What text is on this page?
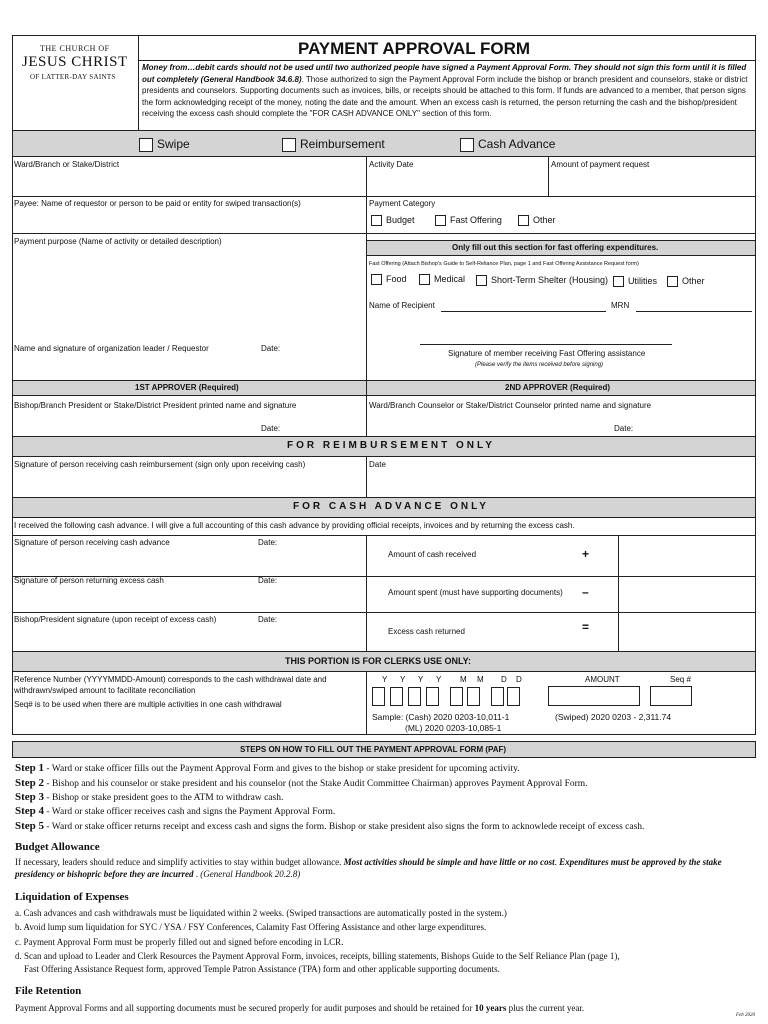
THE CHURCH OF
JESUS CHRIST
OF LATTER-DAY SAINTS
PAYMENT APPROVAL FORM
Money from…debit cards should not be used until two authorized people have signed a Payment Approval Form. They should not sign this form until it is filled out completely (General Handbook 34.6.8). Those authorized to sign the Payment Approval Form include the bishop or branch president and counselors, stake or district presidents and counselors. Supporting documents such as invoices, bills, or receipts should be attached to this form. If funds are advanced to a member, that person signs the form acknowledging receipt of the money, noting the date and the amount. When an excess cash is returned, the person returning the cash and the bishop/president receiving the excess cash should complete the "FOR CASH ADVANCE ONLY" section of this form.
Swipe	Reimbursement	Cash Advance
Ward/Branch or Stake/District	Activity Date	Amount of payment request
Payee: Name of requestor or person to be paid or entity for swiped transaction(s)	Payment Category
Budget	Fast Offering	Other
Payment purpose (Name of activity or detailed description)
Only fill out this section for fast offering expenditures.
Fast Offering (Attach Bishop's Guide to Self-Reliance Plan, page 1 and Fast Offering Assistance Request form)
Food	Medical	Short-Term Shelter (Housing)	Utilities	Other
Name of Recipient	MRN
Name and signature of organization leader / Requestor	Date:
Signature of member receiving Fast Offering assistance
(Please verify the items received before signing)
1ST APPROVER (Required)	2ND APPROVER (Required)
Bishop/Branch President or Stake/District President printed name and signature	Ward/Branch Counselor or Stake/District Counselor printed name and signature
Date:	Date:
FOR REIMBURSEMENT ONLY
Signature of person receiving cash reimbursement (sign only upon receiving cash)	Date
FOR CASH ADVANCE ONLY
I received the following cash advance. I will give a full accounting of this cash advance by providing official receipts, invoices and by returning the excess cash.
Signature of person receiving cash advance	Date:
Amount of cash received	+
Signature of person returning excess cash	Date:
Amount spent (must have supporting documents) –
Bishop/President signature (upon receipt of excess cash)	Date:
Excess cash returned	=
THIS PORTION IS FOR CLERKS USE ONLY:
Reference Number (YYYYMMDD-Amount) corresponds to the cash withdrawal date and
withdrawn/swiped amount to facilitate reconciliation
Seq# is to be used when there are multiple activities in one cash withdrawal
Y Y Y Y M M D D	AMOUNT	Seq #
Sample: (Cash) 2020 0203-10,011-1
(ML) 2020 0203-10,085-1
(Swiped) 2020 0203 - 2,311.74
STEPS ON HOW TO FILL OUT THE PAYMENT APPROVAL FORM (PAF)
Step 1 - Ward or stake officer fills out the Payment Approval Form and gives to the bishop or stake president for upcoming activity.
Step 2 - Bishop and his counselor or stake president and his counselor (not the Stake Audit Committee Chairman) approves Payment Approval Form.
Step 3 - Bishop or stake president goes to the ATM to withdraw cash.
Step 4 - Ward or stake officer receives cash and signs the Payment Approval Form.
Step 5 - Ward or stake officer returns receipt and excess cash and signs the form. Bishop or stake president also signs the form to acknowlede receipt of excess cash.
Budget Allowance
If necessary, leaders should reduce and simplify activities to stay within budget allowance. Most activities should be simple and have little or no cost. Expenditures must be approved by the stake presidency or bishopric before they are incurred . (General Handbook 20.2.8)
Liquidation of Expenses
a. Cash advances and cash withdrawals must be liquidated within 2 weeks. (Swiped transactions are automatically posted in the system.)
b. Avoid lump sum liquidation for SYC / YSA / FSY Conferences, Calamity Fast Offering Assistance and other large expenditures.
c. Payment Approval Form must be properly filled out and signed before encoding in LCR.
d. Scan and upload to Leader and Clerk Resources the Payment Approval Form, invoices, receipts, billing statements, Bishops Guide to the Self Reliance Plan (page 1),
Fast Offering Assistance Request form, approved Temple Patron Assistance (TPA) form and other applicable supporting documents.
File Retention
Payment Approval Forms and all supporting documents must be secured properly for audit purposes and should be retained for 10 years plus the current year.
Feb 2020
